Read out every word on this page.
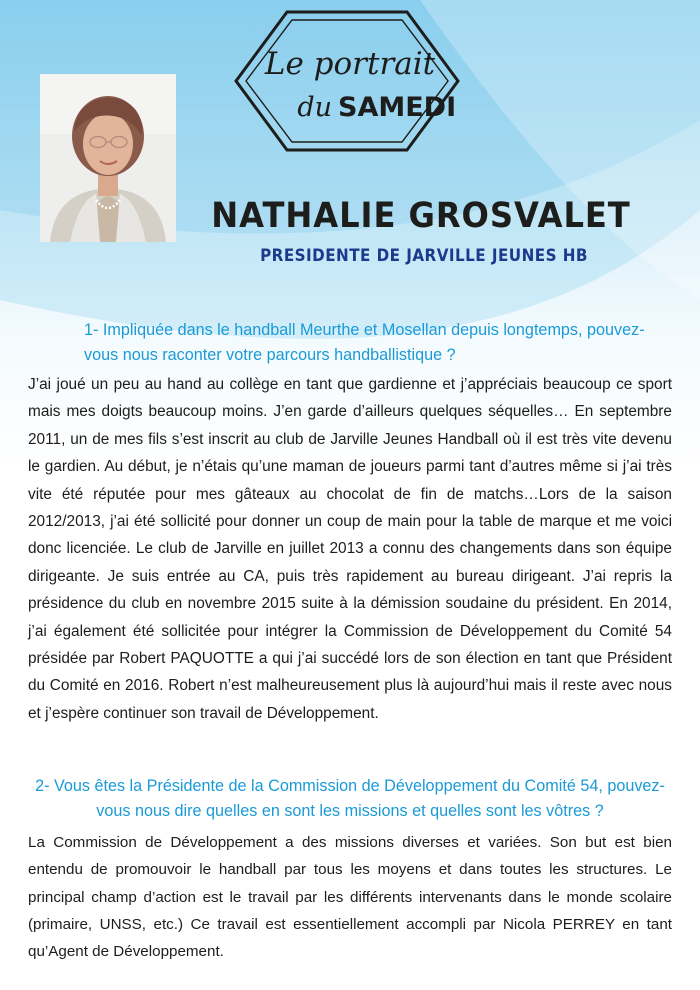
Le portrait
du SAMEDI
NATHALIE GROSVALET
PRESIDENTE DE JARVILLE JEUNES HB
1- Impliquée dans le handball Meurthe et Mosellan depuis longtemps, pouvez-vous nous raconter votre parcours handballistique ?
J’ai joué un peu au hand au collège en tant que gardienne et j’appréciais beaucoup ce sport mais mes doigts beaucoup moins. J’en garde d’ailleurs quelques séquelles… En septembre 2011, un de mes fils s’est inscrit au club de Jarville Jeunes Handball où il est très vite devenu le gardien. Au début, je n’étais qu’une maman de joueurs parmi tant d’autres même si j’ai très vite été réputée pour mes gâteaux au chocolat de fin de matchs…Lors de la saison 2012/2013, j’ai été sollicité pour donner un coup de main pour la table de marque et me voici donc licenciée. Le club de Jarville en juillet 2013 a connu des changements dans son équipe dirigeante. Je suis entrée au CA, puis très rapidement au bureau dirigeant. J’ai repris la présidence du club en novembre 2015 suite à la démission soudaine du président. En 2014, j’ai également été sollicitée pour intégrer la Commission de Développement du Comité 54 présidée par Robert PAQUOTTE a qui j’ai succédé lors de son élection en tant que Président du Comité en 2016. Robert n’est malheureusement plus là aujourd’hui mais il reste avec nous et j’espère continuer son travail de Développement.
2- Vous êtes la Présidente de la Commission de Développement du Comité 54, pouvez-vous nous dire quelles en sont les missions et quelles sont les vôtres ?
La Commission de Développement a des missions diverses et variées. Son but est bien entendu de promouvoir le handball par tous les moyens et dans toutes les structures. Le principal champ d’action est le travail par les différents intervenants dans le monde scolaire (primaire, UNSS, etc.) Ce travail est essentiellement accompli par Nicola PERREY en tant qu’Agent de Développement.
